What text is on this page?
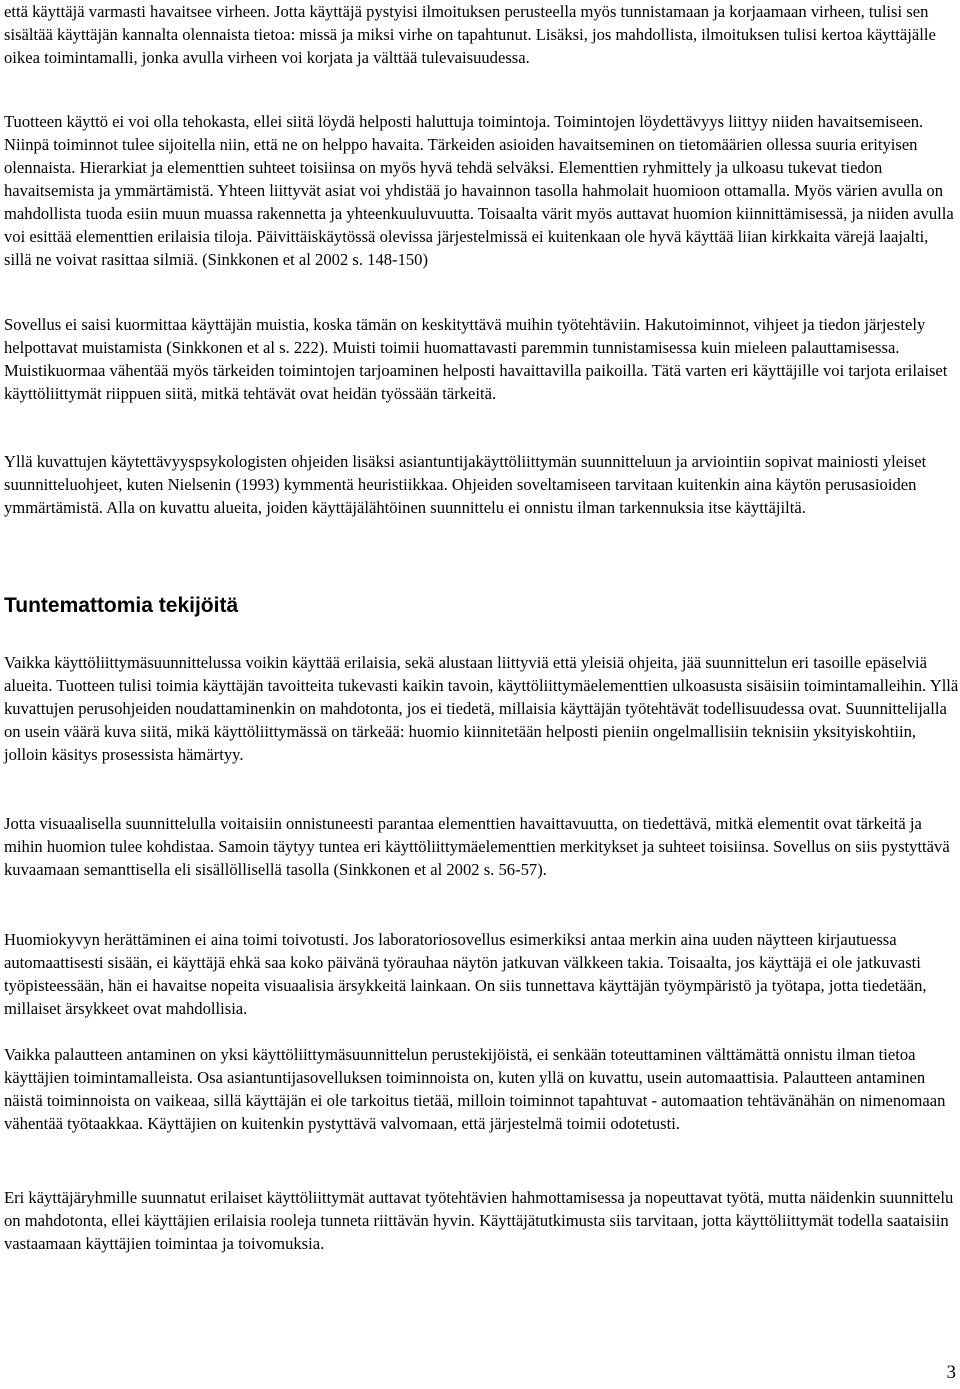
että käyttäjä varmasti havaitsee virheen. Jotta käyttäjä pystyisi ilmoituksen perusteella myös tunnistamaan ja korjaamaan virheen, tulisi sen sisältää käyttäjän kannalta olennaista tietoa: missä ja miksi virhe on tapahtunut. Lisäksi, jos mahdollista, ilmoituksen tulisi kertoa käyttäjälle oikea toimintamalli, jonka avulla virheen voi korjata ja välttää tulevaisuudessa.

Tuotteen käyttö ei voi olla tehokasta, ellei siitä löydä helposti haluttuja toimintoja. Toimintojen löydettävyys liittyy niiden havaitsemiseen. Niinpä toiminnot tulee sijoitella niin, että ne on helppo havaita. Tärkeiden asioiden havaitseminen on tietomäärien ollessa suuria erityisen olennaista. Hierarkiat ja elementtien suhteet toisiinsa on myös hyvä tehdä selväksi. Elementtien ryhmittely ja ulkoasu tukevat tiedon havaitsemista ja ymmärtämistä. Yhteen liittyvät asiat voi yhdistää jo havainnon tasolla hahmolait huomioon ottamalla. Myös värien avulla on mahdollista tuoda esiin muun muassa rakennetta ja yhteenkuuluvuutta. Toisaalta värit myös auttavat huomion kiinnittämisessä, ja niiden avulla voi esittää elementtien erilaisia tiloja. Päivittäiskäytössä olevissa järjestelmissä ei kuitenkaan ole hyvä käyttää liian kirkkaita värejä laajalti, sillä ne voivat rasittaa silmiä. (Sinkkonen et al 2002 s. 148-150)

Sovellus ei saisi kuormittaa käyttäjän muistia, koska tämän on keskityttävä muihin työtehtäviin. Hakutoiminnot, vihjeet ja tiedon järjestely helpottavat muistamista (Sinkkonen et al s. 222). Muisti toimii huomattavasti paremmin tunnistamisessa kuin mieleen palauttamisessa. Muistikuormaa vähentää myös tärkeiden toimintojen tarjoaminen helposti havaittavilla paikoilla. Tätä varten eri käyttäjille voi tarjota erilaiset käyttöliittymät riippuen siitä, mitkä tehtävät ovat heidän työssään tärkeitä.

Yllä kuvattujen käytettävyyspsykologisten ohjeiden lisäksi asiantuntijakäyttöliittymän suunnitteluun ja arviointiin sopivat mainiosti yleiset suunnitteluohjeet, kuten Nielsenin (1993) kymmentä heuristiikkaa. Ohjeiden soveltamiseen tarvitaan kuitenkin aina käytön perusasioiden ymmärtämistä. Alla on kuvattu alueita, joiden käyttäjälähtöinen suunnittelu ei onnistu ilman tarkennuksia itse käyttäjiltä.

Tuntemattomia tekijöitä

Vaikka käyttöliittymäsuunnittelussa voikin käyttää erilaisia, sekä alustaan liittyviä että yleisiä ohjeita, jää suunnittelun eri tasoille epäselviä alueita. Tuotteen tulisi toimia käyttäjän tavoitteita tukevasti kaikin tavoin, käyttöliittymäelementtien ulkoasusta sisäisiin toimintamalleihin. Yllä kuvattujen perusohjeiden noudattaminenkin on mahdotonta, jos ei tiedetä, millaisia käyttäjän työtehtävät todellisuudessa ovat. Suunnittelijalla on usein väärä kuva siitä, mikä käyttöliittymässä on tärkeää: huomio kiinnitetään helposti pieniin ongelmallisiin teknisiin yksityiskohtiin, jolloin käsitys prosessista hämärtyy.

Jotta visuaalisella suunnittelulla voitaisiin onnistuneesti parantaa elementtien havaittavuutta, on tiedettävä, mitkä elementit ovat tärkeitä ja mihin huomion tulee kohdistaa. Samoin täytyy tuntea eri käyttöliittymäelementtien merkitykset ja suhteet toisiinsa. Sovellus on siis pystyttävä kuvaamaan semanttisella eli sisällöllisellä tasolla (Sinkkonen et al 2002 s. 56-57).

Huomiokyvyn herättäminen ei aina toimi toivotusti. Jos laboratoriosovellus esimerkiksi antaa merkin aina uuden näytteen kirjautuessa automaattisesti sisään, ei käyttäjä ehkä saa koko päivänä työrauhaa näytön jatkuvan välkkeen takia. Toisaalta, jos käyttäjä ei ole jatkuvasti työpisteessään, hän ei havaitse nopeita visuaalisia ärsykkeitä lainkaan. On siis tunnettava käyttäjän työympäristö ja työtapa, jotta tiedetään, millaiset ärsykkeet ovat mahdollisia.

Vaikka palautteen antaminen on yksi käyttöliittymäsuunnittelun perustekijöistä, ei senkään toteuttaminen välttämättä onnistu ilman tietoa käyttäjien toimintamalleista. Osa asiantuntijasovelluksen toiminnoista on, kuten yllä on kuvattu, usein automaattisia. Palautteen antaminen näistä toiminnoista on vaikeaa, sillä käyttäjän ei ole tarkoitus tietää, milloin toiminnot tapahtuvat - automaation tehtävänähän on nimenomaan vähentää työtaakkaa. Käyttäjien on kuitenkin pystyttävä valvomaan, että järjestelmä toimii odotetusti.

Eri käyttäjäryhmille suunnatut erilaiset käyttöliittymät auttavat työtehtävien hahmottamisessa ja nopeuttavat työtä, mutta näidenkin suunnittelu on mahdotonta, ellei käyttäjien erilaisia rooleja tunneta riittävän hyvin. Käyttäjätutkimusta siis tarvitaan, jotta käyttöliittymät todella saataisiin vastaamaan käyttäjien toimintaa ja toivomuksia.

3
